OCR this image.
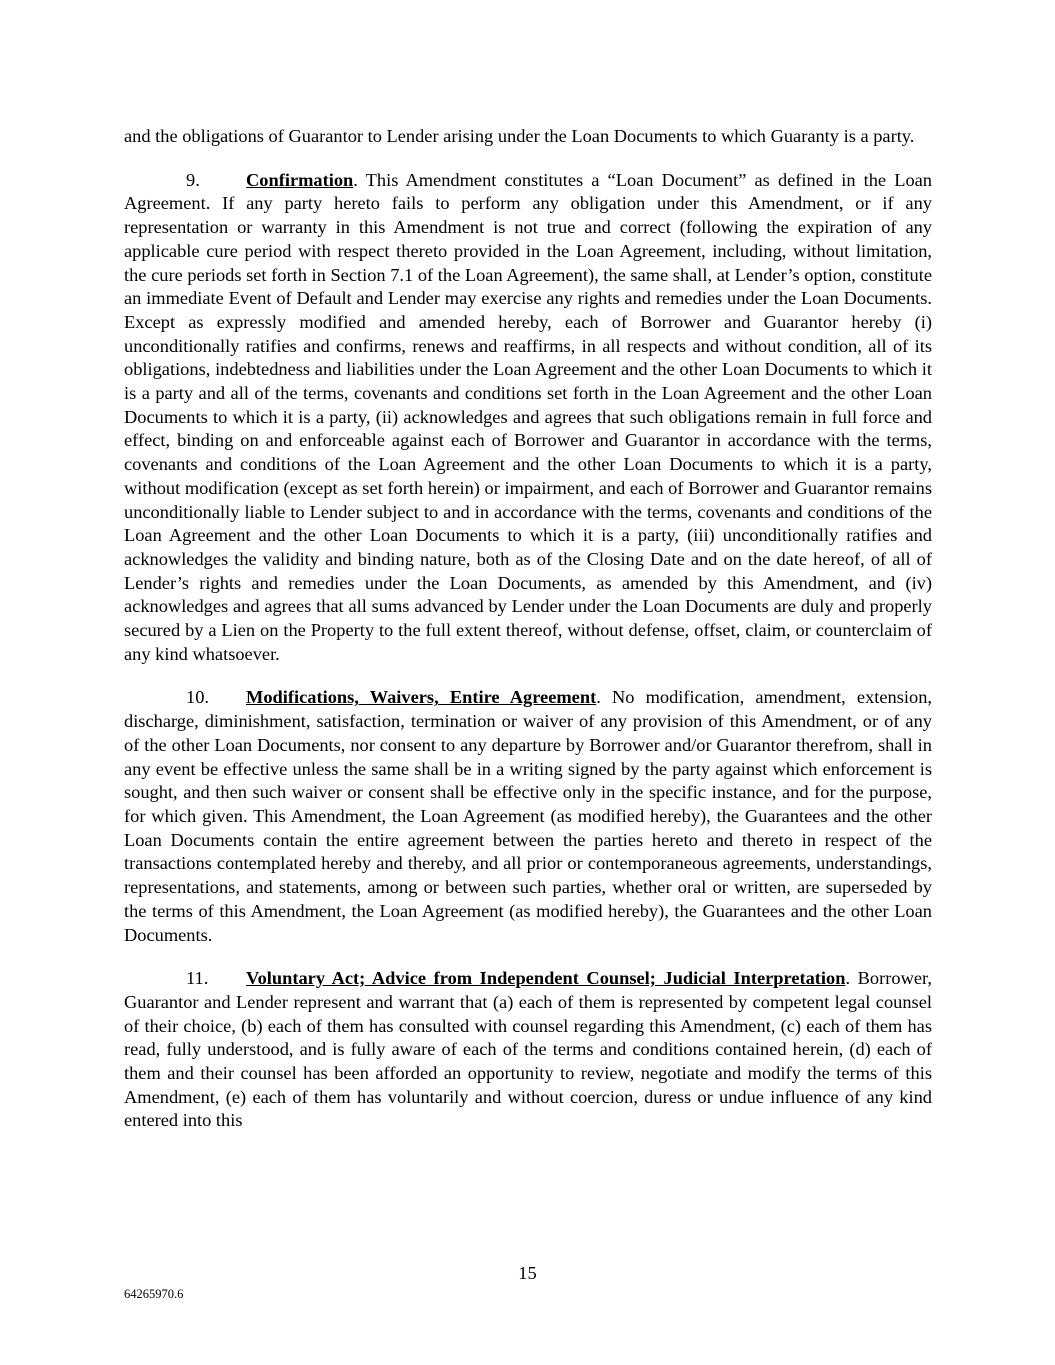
and the obligations of Guarantor to Lender arising under the Loan Documents to which Guaranty is a party.

9.	Confirmation. This Amendment constitutes a “Loan Document” as defined in the Loan Agreement. If any party hereto fails to perform any obligation under this Amendment, or if any representation or warranty in this Amendment is not true and correct (following the expiration of any applicable cure period with respect thereto provided in the Loan Agreement, including, without limitation, the cure periods set forth in Section 7.1 of the Loan Agreement), the same shall, at Lender’s option, constitute an immediate Event of Default and Lender may exercise any rights and remedies under the Loan Documents. Except as expressly modified and amended hereby, each of Borrower and Guarantor hereby (i) unconditionally ratifies and confirms, renews and reaffirms, in all respects and without condition, all of its obligations, indebtedness and liabilities under the Loan Agreement and the other Loan Documents to which it is a party and all of the terms, covenants and conditions set forth in the Loan Agreement and the other Loan Documents to which it is a party, (ii) acknowledges and agrees that such obligations remain in full force and effect, binding on and enforceable against each of Borrower and Guarantor in accordance with the terms, covenants and conditions of the Loan Agreement and the other Loan Documents to which it is a party, without modification (except as set forth herein) or impairment, and each of Borrower and Guarantor remains unconditionally liable to Lender subject to and in accordance with the terms, covenants and conditions of the Loan Agreement and the other Loan Documents to which it is a party, (iii) unconditionally ratifies and acknowledges the validity and binding nature, both as of the Closing Date and on the date hereof, of all of Lender’s rights and remedies under the Loan Documents, as amended by this Amendment, and (iv) acknowledges and agrees that all sums advanced by Lender under the Loan Documents are duly and properly secured by a Lien on the Property to the full extent thereof, without defense, offset, claim, or counterclaim of any kind whatsoever.

10. Modifications, Waivers, Entire Agreement. No modification, amendment, extension, discharge, diminishment, satisfaction, termination or waiver of any provision of this Amendment, or of any of the other Loan Documents, nor consent to any departure by Borrower and/or Guarantor therefrom, shall in any event be effective unless the same shall be in a writing signed by the party against which enforcement is sought, and then such waiver or consent shall be effective only in the specific instance, and for the purpose, for which given. This Amendment, the Loan Agreement (as modified hereby), the Guarantees and the other Loan Documents contain the entire agreement between the parties hereto and thereto in respect of the transactions contemplated hereby and thereby, and all prior or contemporaneous agreements, understandings, representations, and statements, among or between such parties, whether oral or written, are superseded by the terms of this Amendment, the Loan Agreement (as modified hereby), the Guarantees and the other Loan Documents.

11. Voluntary Act; Advice from Independent Counsel; Judicial Interpretation. Borrower, Guarantor and Lender represent and warrant that (a) each of them is represented by competent legal counsel of their choice, (b) each of them has consulted with counsel regarding this Amendment, (c) each of them has read, fully understood, and is fully aware of each of the terms and conditions contained herein, (d) each of them and their counsel has been afforded an opportunity to review, negotiate and modify the terms of this Amendment, (e) each of them has voluntarily and without coercion, duress or undue influence of any kind entered into this

15
64265970.6
